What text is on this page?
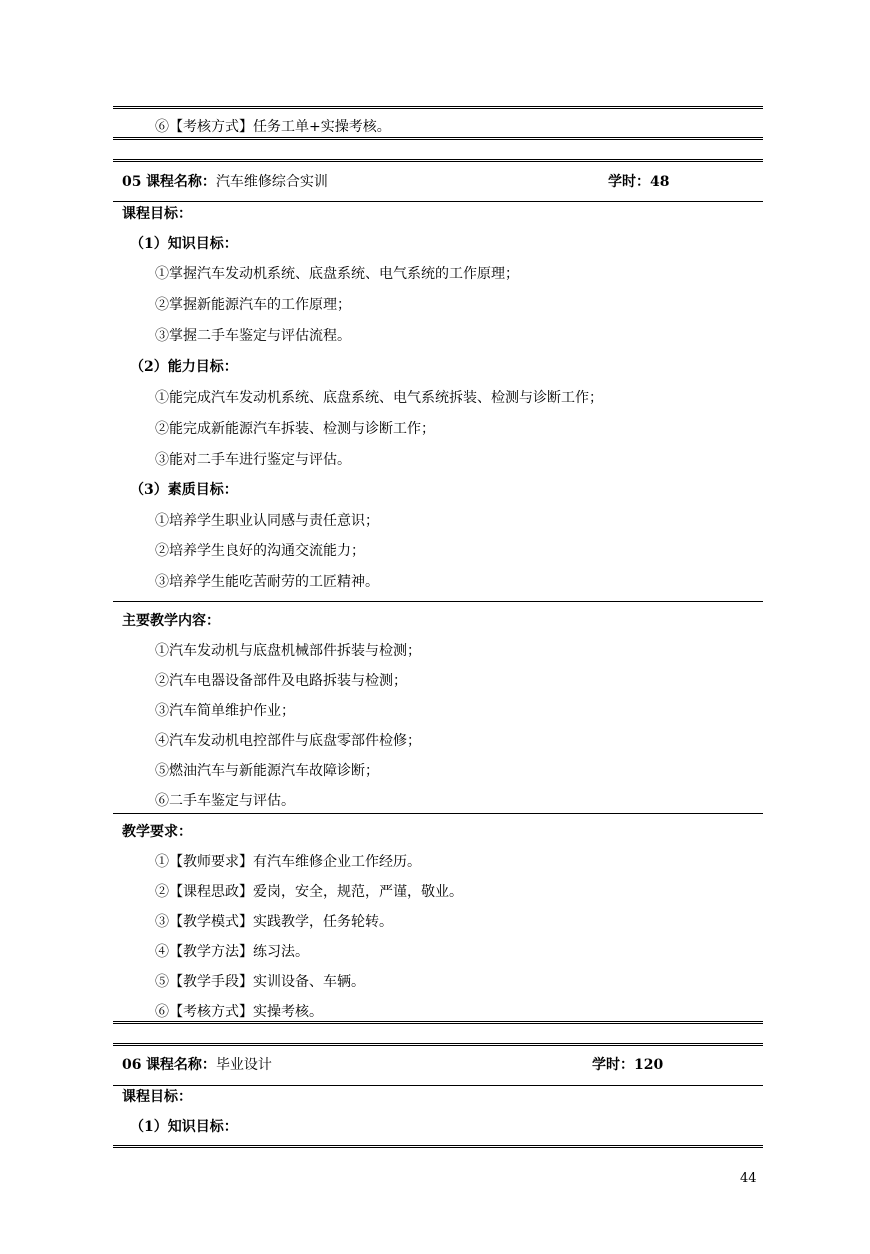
⑥【考核方式】任务工单+实操考核。
05 课程名称：汽车维修综合实训	学时：48
课程目标：
（1）知识目标：
①掌握汽车发动机系统、底盘系统、电气系统的工作原理；
②掌握新能源汽车的工作原理；
③掌握二手车鉴定与评估流程。
（2）能力目标：
①能完成汽车发动机系统、底盘系统、电气系统拆装、检测与诊断工作；
②能完成新能源汽车拆装、检测与诊断工作；
③能对二手车进行鉴定与评估。
（3）素质目标：
①培养学生职业认同感与责任意识；
②培养学生良好的沟通交流能力；
③培养学生能吃苦耐劳的工匠精神。
主要教学内容：
①汽车发动机与底盘机械部件拆装与检测；
②汽车电器设备部件及电路拆装与检测；
③汽车简单维护作业；
④汽车发动机电控部件与底盘零部件检修；
⑤燃油汽车与新能源汽车故障诊断；
⑥二手车鉴定与评估。
教学要求：
①【教师要求】有汽车维修企业工作经历。
②【课程思政】爱岗，安全，规范，严谨，敬业。
③【教学模式】实践教学，任务轮转。
④【教学方法】练习法。
⑤【教学手段】实训设备、车辆。
⑥【考核方式】实操考核。
06 课程名称：毕业设计	学时：120
课程目标：
（1）知识目标：
44
